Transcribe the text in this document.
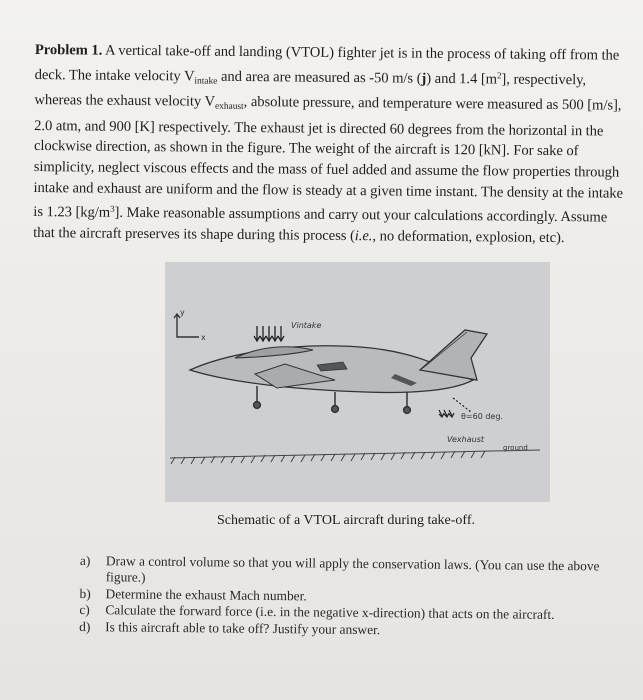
Problem 1. A vertical take-off and landing (VTOL) fighter jet is in the process of taking off from the deck. The intake velocity $V_{intake}$ and area are measured as -50 m/s (j) and 1.4 $[m^2]$, respectively, whereas the exhaust velocity $V_{exhaust}$, absolute pressure, and temperature were measured as 500 [m/s], 2.0 atm, and 900 [K] respectively. The exhaust jet is directed 60 degrees from the horizontal in the clockwise direction, as shown in the figure. The weight of the aircraft is 120 [kN]. For sake of simplicity, neglect viscous effects and the mass of fuel added and assume the flow properties through intake and exhaust are uniform and the flow is steady at a given time instant. The density at the intake is 1.23 $[kg/m^3]$. Make reasonable assumptions and carry out your calculations accordingly. Assume that the aircraft preserves its shape during this process (i.e., no deformation, explosion, etc).
y
x
Vintake
θ=60 deg.
Vexhaust
ground
Schematic of a VTOL aircraft during take-off.
a)	Draw a control volume so that you will apply the conservation laws. (You can use the above figure.)
b)	Determine the exhaust Mach number.
c)	Calculate the forward force (i.e. in the negative x-direction) that acts on the aircraft.
d)	Is this aircraft able to take off? Justify your answer.
